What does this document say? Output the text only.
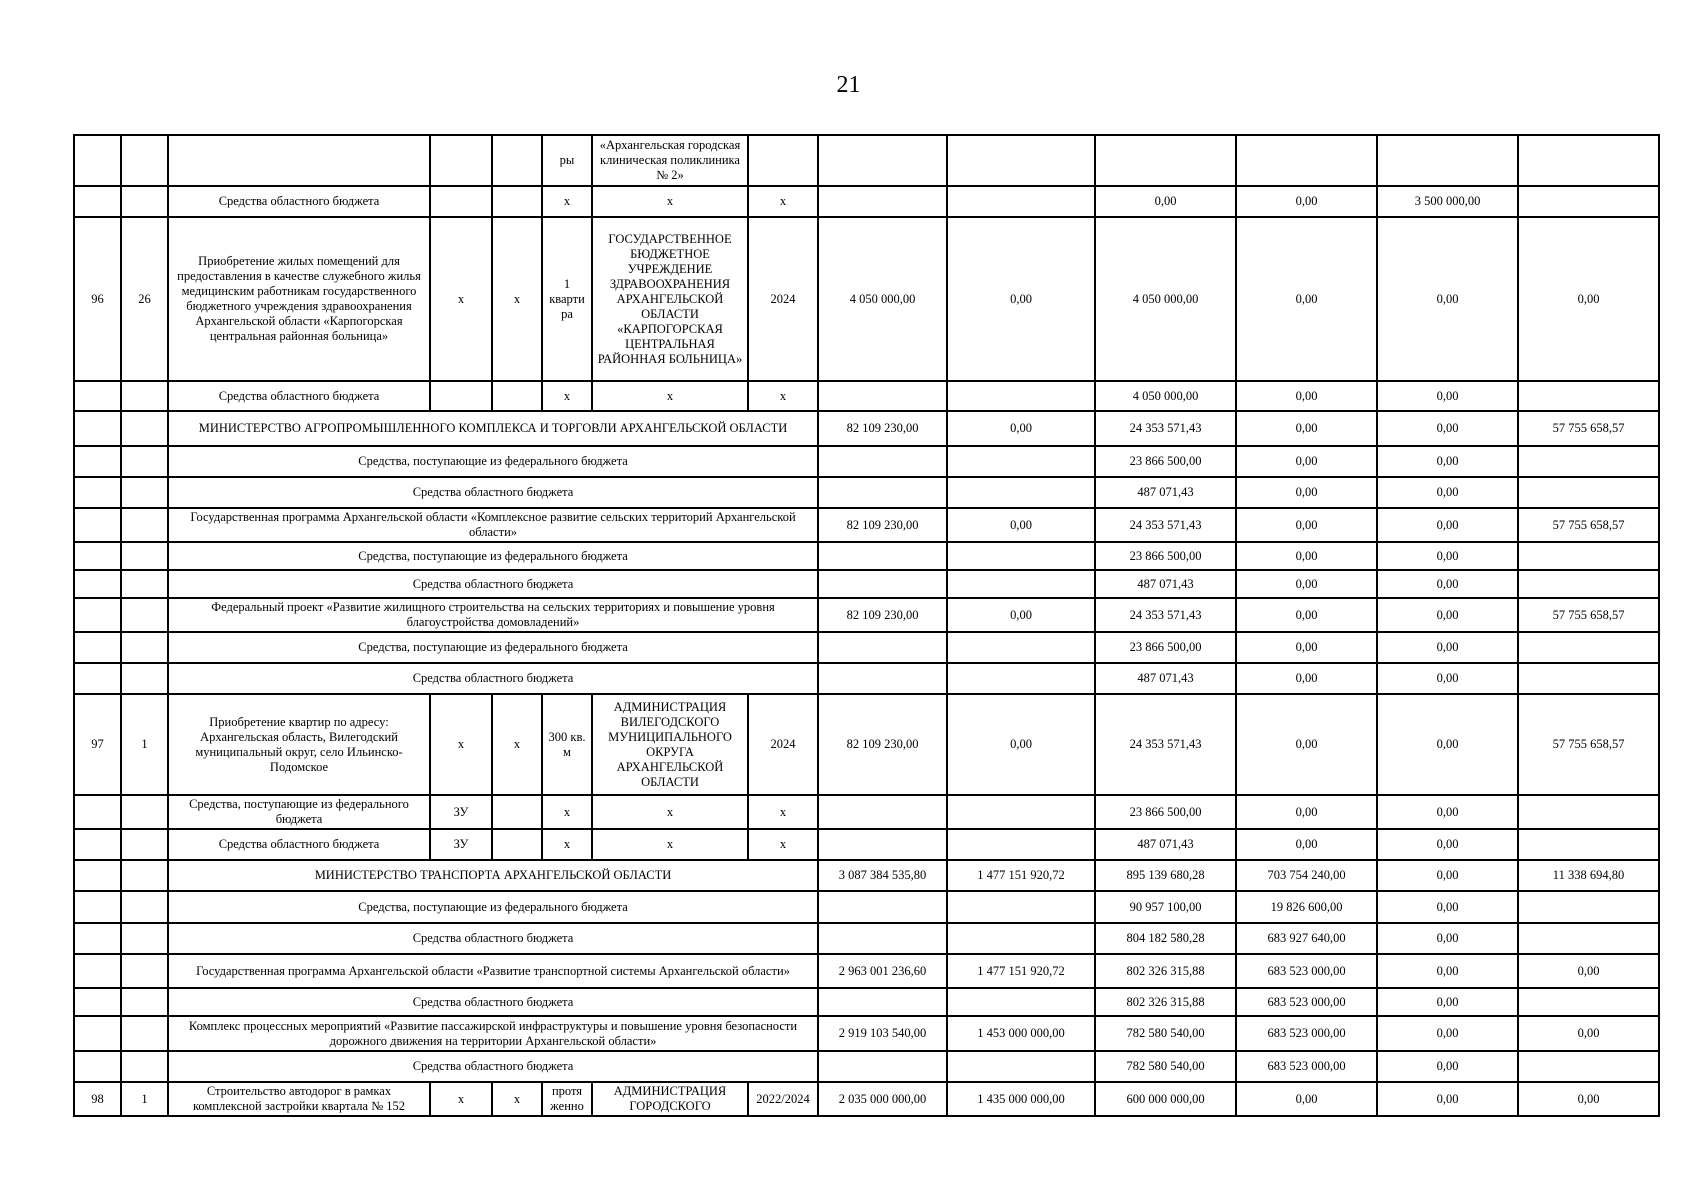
21
					ры	«Архангельская городская клиническая поликлиника № 2»							
		Средства областного бюджета			х	х	х			0,00	0,00	3 500 000,00	
96	26	Приобретение жилых помещений для предоставления в качестве служебного жилья медицинским работникам государственного бюджетного учреждения здравоохранения Архангельской области «Карпогорская центральная районная больница»	х	х	1 кварти ра	ГОСУДАРСТВЕННОЕ БЮДЖЕТНОЕ УЧРЕЖДЕНИЕ ЗДРАВООХРАНЕНИЯ АРХАНГЕЛЬСКОЙ ОБЛАСТИ «КАРПОГОРСКАЯ ЦЕНТРАЛЬНАЯ РАЙОННАЯ БОЛЬНИЦА»	2024	4 050 000,00	0,00	4 050 000,00	0,00	0,00	0,00
		Средства областного бюджета			х	х	х			4 050 000,00	0,00	0,00	
		МИНИСТЕРСТВО АГРОПРОМЫШЛЕННОГО КОМПЛЕКСА И ТОРГОВЛИ АРХАНГЕЛЬСКОЙ ОБЛАСТИ						82 109 230,00	0,00	24 353 571,43	0,00	0,00	57 755 658,57
		Средства, поступающие из федерального бюджета								23 866 500,00	0,00	0,00	
		Средства областного бюджета								487 071,43	0,00	0,00	
		Государственная программа Архангельской области «Комплексное развитие сельских территорий Архангельской области»						82 109 230,00	0,00	24 353 571,43	0,00	0,00	57 755 658,57
		Средства, поступающие из федерального бюджета								23 866 500,00	0,00	0,00	
		Средства областного бюджета								487 071,43	0,00	0,00	
		Федеральный проект «Развитие жилищного строительства на сельских территориях и повышение уровня благоустройства домовладений»						82 109 230,00	0,00	24 353 571,43	0,00	0,00	57 755 658,57
		Средства, поступающие из федерального бюджета								23 866 500,00	0,00	0,00	
		Средства областного бюджета								487 071,43	0,00	0,00	
97	1	Приобретение квартир по адресу: Архангельская область, Вилегодский муниципальный округ, село Ильинско-Подомское	х	х	300 кв. м	АДМИНИСТРАЦИЯ ВИЛЕГОДСКОГО МУНИЦИПАЛЬНОГО ОКРУГА АРХАНГЕЛЬСКОЙ ОБЛАСТИ	2024	82 109 230,00	0,00	24 353 571,43	0,00	0,00	57 755 658,57
		Средства, поступающие из федерального бюджета	ЗУ		х	х	х			23 866 500,00	0,00	0,00	
		Средства областного бюджета	ЗУ		х	х	х			487 071,43	0,00	0,00	
		МИНИСТЕРСТВО ТРАНСПОРТА АРХАНГЕЛЬСКОЙ ОБЛАСТИ						3 087 384 535,80	1 477 151 920,72	895 139 680,28	703 754 240,00	0,00	11 338 694,80
		Средства, поступающие из федерального бюджета								90 957 100,00	19 826 600,00	0,00	
		Средства областного бюджета								804 182 580,28	683 927 640,00	0,00	
		Государственная программа Архангельской области «Развитие транспортной системы Архангельской области»						2 963 001 236,60	1 477 151 920,72	802 326 315,88	683 523 000,00	0,00	0,00
		Средства областного бюджета								802 326 315,88	683 523 000,00	0,00	
		Комплекс процессных мероприятий «Развитие пассажирской инфраструктуры и повышение уровня безопасности дорожного движения на территории Архангельской области»						2 919 103 540,00	1 453 000 000,00	782 580 540,00	683 523 000,00	0,00	0,00
		Средства областного бюджета								782 580 540,00	683 523 000,00	0,00	
98	1	Строительство автодорог в рамках комплексной застройки квартала № 152	х	х	протя женно	АДМИНИСТРАЦИЯ ГОРОДСКОГО	2022/2024	2 035 000 000,00	1 435 000 000,00	600 000 000,00	0,00	0,00	0,00
